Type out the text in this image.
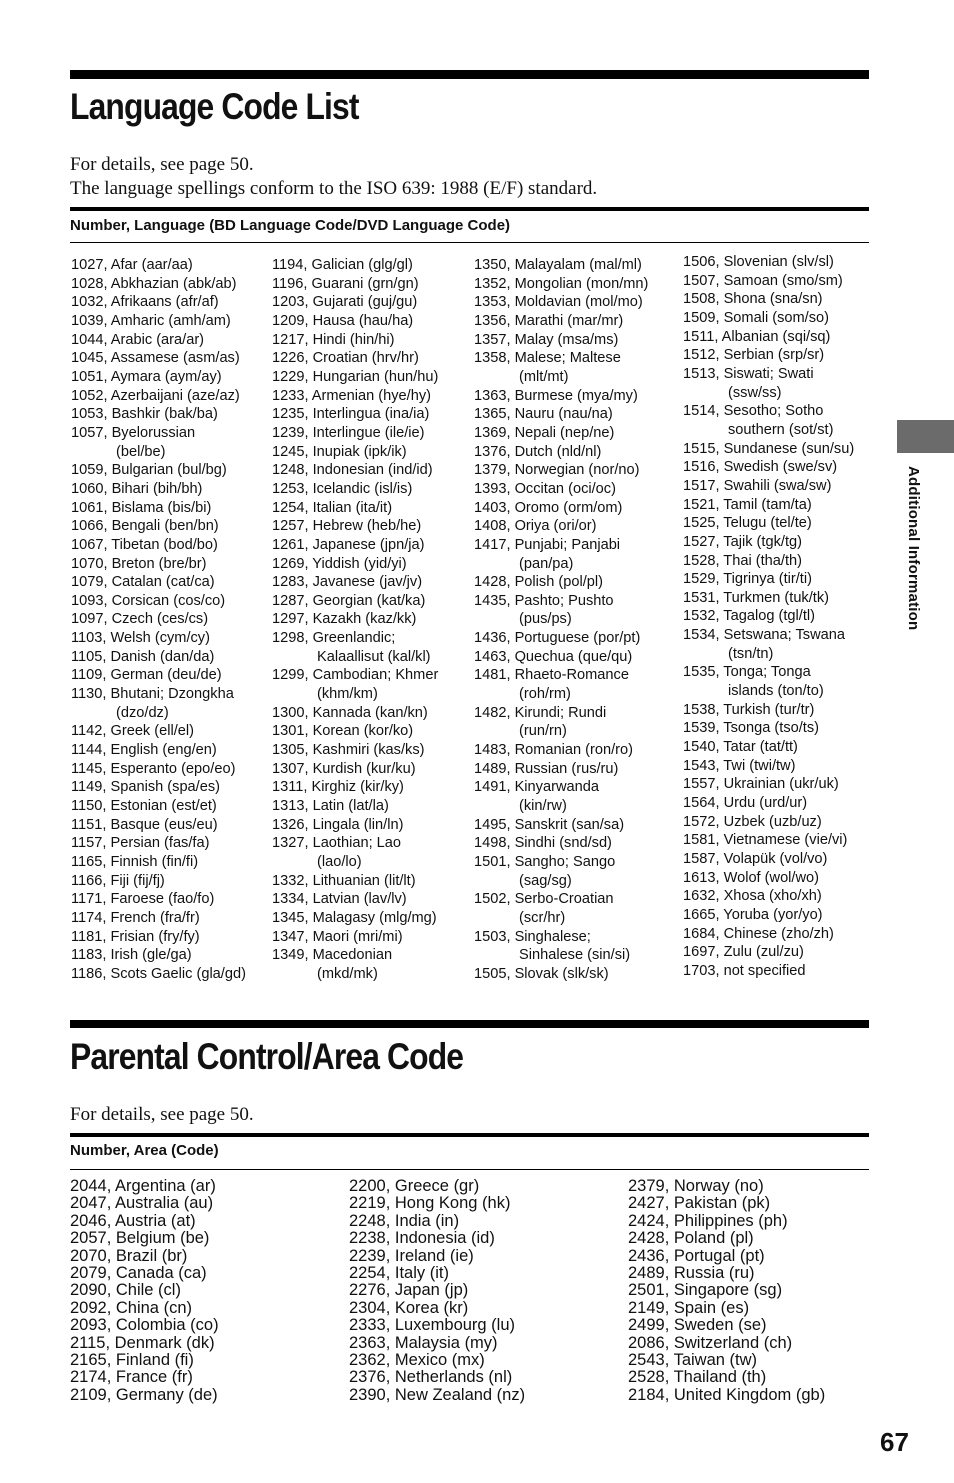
Language Code List
For details, see page 50.
The language spellings conform to the ISO 639: 1988 (E/F) standard.
Number, Language (BD Language Code/DVD Language Code)
1027, Afar (aar/aa)
1028, Abkhazian (abk/ab)
1032, Afrikaans (afr/af)
1039, Amharic (amh/am)
1044, Arabic (ara/ar)
1045, Assamese (asm/as)
1051, Aymara (aym/ay)
1052, Azerbaijani (aze/az)
1053, Bashkir (bak/ba)
1057, Byelorussian
(bel/be)
1059, Bulgarian (bul/bg)
1060, Bihari (bih/bh)
1061, Bislama (bis/bi)
1066, Bengali (ben/bn)
1067, Tibetan (bod/bo)
1070, Breton (bre/br)
1079, Catalan (cat/ca)
1093, Corsican (cos/co)
1097, Czech (ces/cs)
1103, Welsh (cym/cy)
1105, Danish (dan/da)
1109, German (deu/de)
1130, Bhutani; Dzongkha
(dzo/dz)
1142, Greek (ell/el)
1144, English (eng/en)
1145, Esperanto (epo/eo)
1149, Spanish (spa/es)
1150, Estonian (est/et)
1151, Basque (eus/eu)
1157, Persian (fas/fa)
1165, Finnish (fin/fi)
1166, Fiji (fij/fj)
1171, Faroese (fao/fo)
1174, French (fra/fr)
1181, Frisian (fry/fy)
1183, Irish (gle/ga)
1186, Scots Gaelic (gla/gd)
1194, Galician (glg/gl)
1196, Guarani (grn/gn)
1203, Gujarati (guj/gu)
1209, Hausa (hau/ha)
1217, Hindi (hin/hi)
1226, Croatian (hrv/hr)
1229, Hungarian (hun/hu)
1233, Armenian (hye/hy)
1235, Interlingua (ina/ia)
1239, Interlingue (ile/ie)
1245, Inupiak (ipk/ik)
1248, Indonesian (ind/id)
1253, Icelandic (isl/is)
1254, Italian (ita/it)
1257, Hebrew (heb/he)
1261, Japanese (jpn/ja)
1269, Yiddish (yid/yi)
1283, Javanese (jav/jv)
1287, Georgian (kat/ka)
1297, Kazakh (kaz/kk)
1298, Greenlandic;
Kalaallisut (kal/kl)
1299, Cambodian; Khmer
(khm/km)
1300, Kannada (kan/kn)
1301, Korean (kor/ko)
1305, Kashmiri (kas/ks)
1307, Kurdish (kur/ku)
1311, Kirghiz (kir/ky)
1313, Latin (lat/la)
1326, Lingala (lin/ln)
1327, Laothian; Lao
(lao/lo)
1332, Lithuanian (lit/lt)
1334, Latvian (lav/lv)
1345, Malagasy (mlg/mg)
1347, Maori (mri/mi)
1349, Macedonian
(mkd/mk)
1350, Malayalam (mal/ml)
1352, Mongolian (mon/mn)
1353, Moldavian (mol/mo)
1356, Marathi (mar/mr)
1357, Malay (msa/ms)
1358, Malese; Maltese
(mlt/mt)
1363, Burmese (mya/my)
1365, Nauru (nau/na)
1369, Nepali (nep/ne)
1376, Dutch (nld/nl)
1379, Norwegian (nor/no)
1393, Occitan (oci/oc)
1403, Oromo (orm/om)
1408, Oriya (ori/or)
1417, Punjabi; Panjabi
(pan/pa)
1428, Polish (pol/pl)
1435, Pashto; Pushto
(pus/ps)
1436, Portuguese (por/pt)
1463, Quechua (que/qu)
1481, Rhaeto-Romance
(roh/rm)
1482, Kirundi; Rundi
(run/rn)
1483, Romanian (ron/ro)
1489, Russian (rus/ru)
1491, Kinyarwanda
(kin/rw)
1495, Sanskrit (san/sa)
1498, Sindhi (snd/sd)
1501, Sangho; Sango
(sag/sg)
1502, Serbo-Croatian
(scr/hr)
1503, Singhalese;
Sinhalese (sin/si)
1505, Slovak (slk/sk)
1506, Slovenian (slv/sl)
1507, Samoan (smo/sm)
1508, Shona (sna/sn)
1509, Somali (som/so)
1511, Albanian (sqi/sq)
1512, Serbian (srp/sr)
1513, Siswati; Swati
(ssw/ss)
1514, Sesotho; Sotho
southern (sot/st)
1515, Sundanese (sun/su)
1516, Swedish (swe/sv)
1517, Swahili (swa/sw)
1521, Tamil (tam/ta)
1525, Telugu (tel/te)
1527, Tajik (tgk/tg)
1528, Thai (tha/th)
1529, Tigrinya (tir/ti)
1531, Turkmen (tuk/tk)
1532, Tagalog (tgl/tl)
1534, Setswana; Tswana
(tsn/tn)
1535, Tonga; Tonga
islands (ton/to)
1538, Turkish (tur/tr)
1539, Tsonga (tso/ts)
1540, Tatar (tat/tt)
1543, Twi (twi/tw)
1557, Ukrainian (ukr/uk)
1564, Urdu (urd/ur)
1572, Uzbek (uzb/uz)
1581, Vietnamese (vie/vi)
1587, Volapük (vol/vo)
1613, Wolof (wol/wo)
1632, Xhosa (xho/xh)
1665, Yoruba (yor/yo)
1684, Chinese (zho/zh)
1697, Zulu (zul/zu)
1703, not specified
Parental Control/Area Code
For details, see page 50.
Number, Area (Code)
2044, Argentina (ar)
2047, Australia (au)
2046, Austria (at)
2057, Belgium (be)
2070, Brazil (br)
2079, Canada (ca)
2090, Chile (cl)
2092, China (cn)
2093, Colombia (co)
2115, Denmark (dk)
2165, Finland (fi)
2174, France (fr)
2109, Germany (de)
2200, Greece (gr)
2219, Hong Kong (hk)
2248, India (in)
2238, Indonesia (id)
2239, Ireland (ie)
2254, Italy (it)
2276, Japan (jp)
2304, Korea (kr)
2333, Luxembourg (lu)
2363, Malaysia (my)
2362, Mexico (mx)
2376, Netherlands (nl)
2390, New Zealand (nz)
2379, Norway (no)
2427, Pakistan (pk)
2424, Philippines (ph)
2428, Poland (pl)
2436, Portugal (pt)
2489, Russia (ru)
2501, Singapore (sg)
2149, Spain (es)
2499, Sweden (se)
2086, Switzerland (ch)
2543, Taiwan (tw)
2528, Thailand (th)
2184, United Kingdom (gb)
Additional Information
67
